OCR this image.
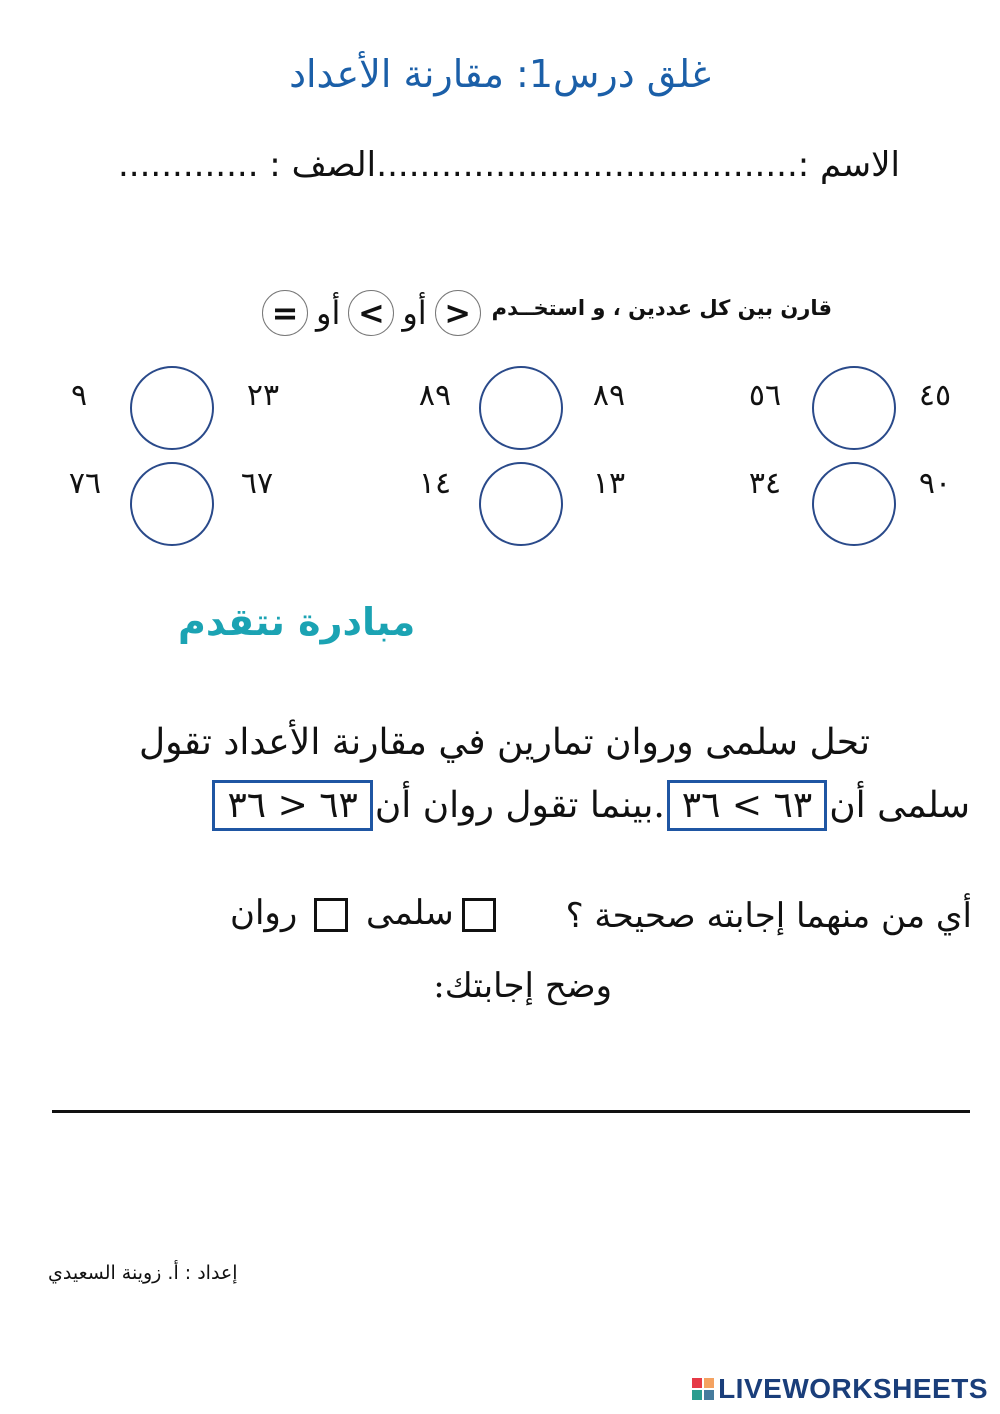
غلق درس1: مقارنة الأعداد
الاسم :.......................................
الصف : .............
قارن بين كل عددين ، و استخــدم
= أو < أو >
٩	٢٣	٨٩	٨٩	٥٦	٤٥
٧٦	٦٧	١٤	١٣	٣٤	٩٠
مبادرة نتقدم
تحل سلمى وروان تمارين في مقارنة الأعداد تقول
سلمى أن
٦٣ > ٣٦
.بينما تقول روان أن
٦٣ < ٣٦
أي من منهما إجابته صحيحة ؟
سلمى
روان
وضح إجابتك:
إعداد : أ. زوينة السعيدي
LIVEWORKSHEETS
